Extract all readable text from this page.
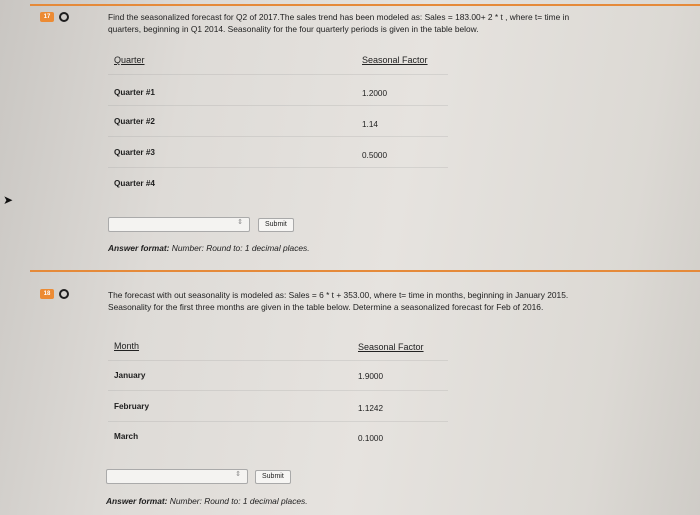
17	Find the seasonalized forecast for Q2 of 2017.The sales trend has been modeled as: Sales = 183.00+ 2 * t , where t= time in quarters, beginning in Q1 2014. Seasonality for the four quarterly periods is given in the table below.
Quarter	Seasonal Factor
Quarter #1	1.2000
Quarter #2	1.14
Quarter #3	0.5000
Quarter #4
⇕	Submit
Answer format: Number: Round to: 1 decimal places.
➤
18	The forecast with out seasonality is modeled as: Sales = 6 * t + 353.00, where t= time in months, beginning in January 2015. Seasonality for the first three months are given in the table below. Determine a seasonalized forecast for Feb of 2016.
Month	Seasonal Factor
January	1.9000
February	1.1242
March	0.1000
⇕	Submit
Answer format: Number: Round to: 1 decimal places.
